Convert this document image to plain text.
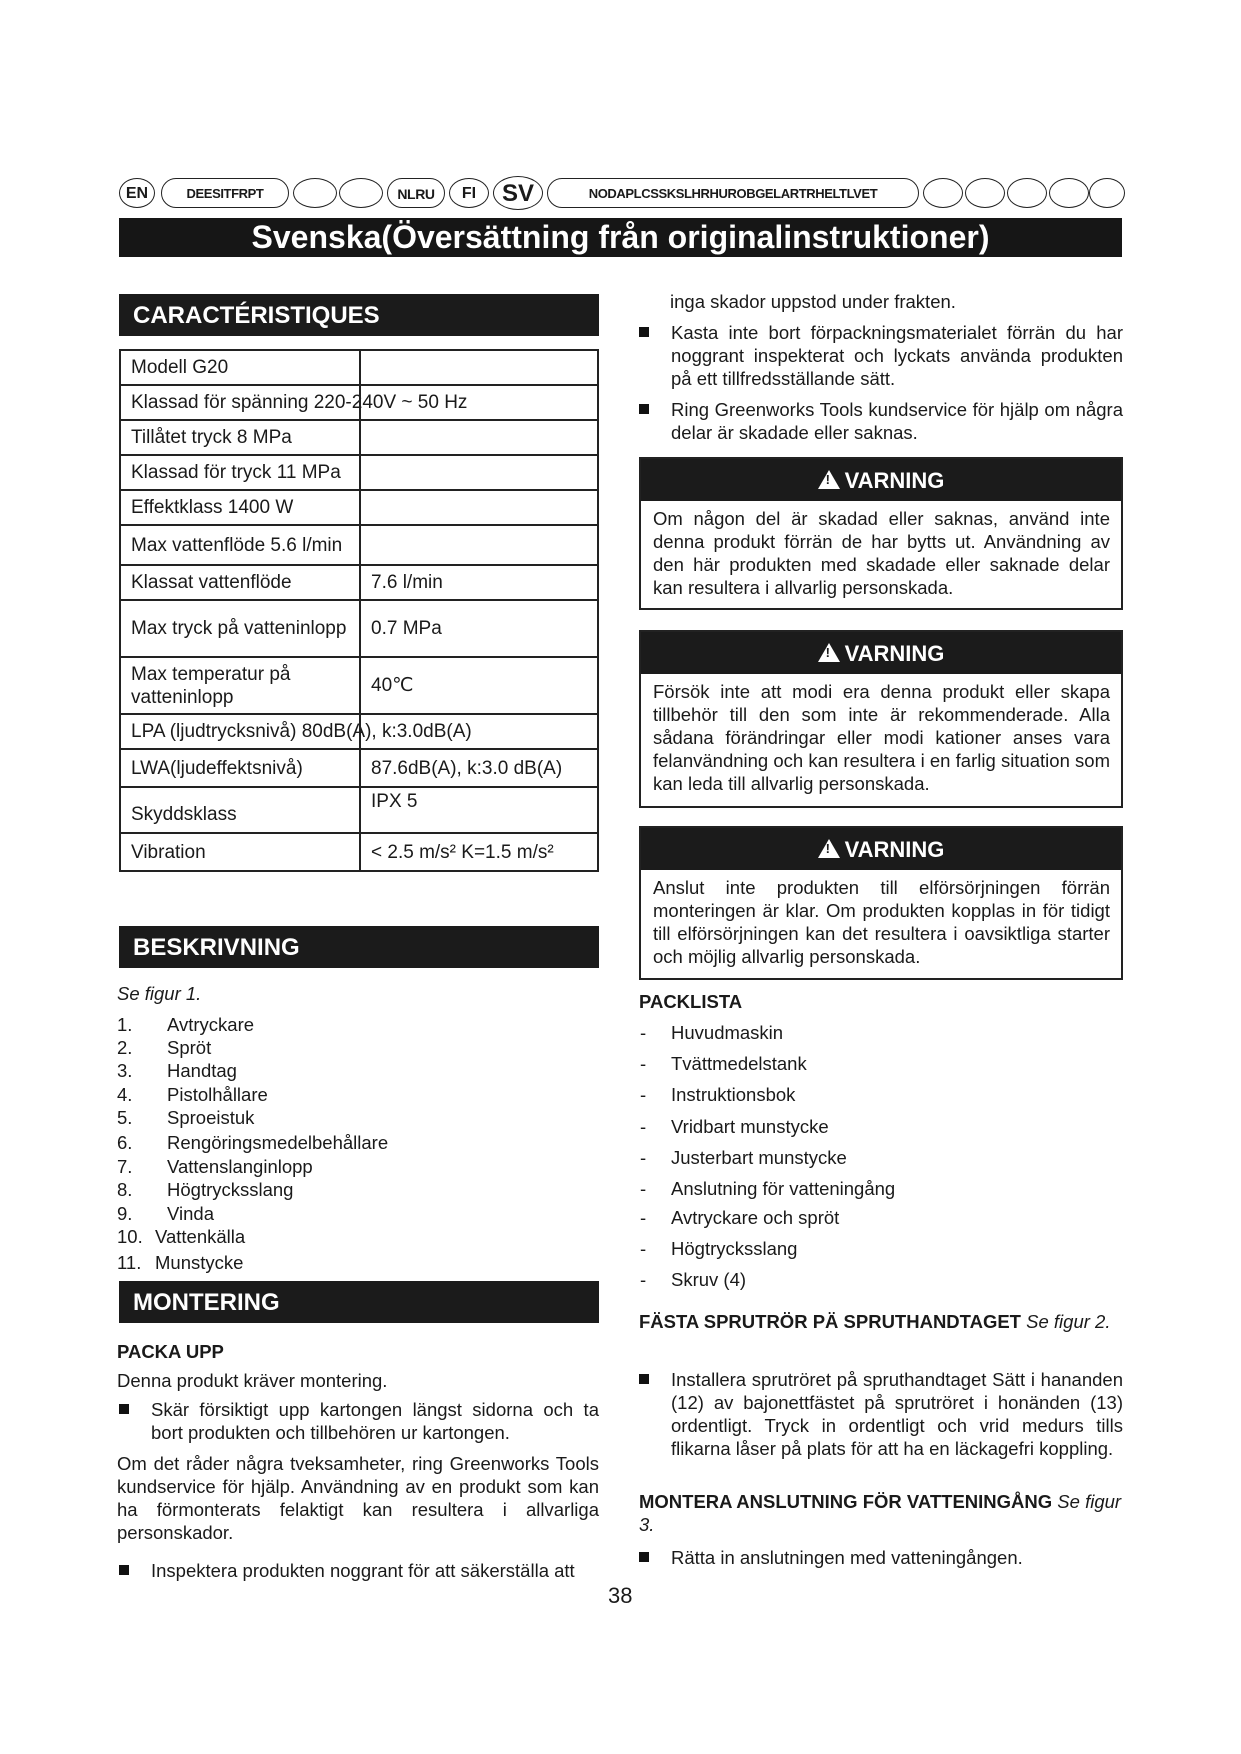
EN	DEESITFRPT	NLRU	FI	SV	NODAPLCSSKSLHRHUROBGELARTRHELTLVET
Svenska(Översättning från originalinstruktioner)
CARACTÉRISTIQUES
Modell G20	
Klassad för spänning 220-240V ~ 50 Hz	

Tillåtet tryck 8 MPa	
Klassad för tryck 11 MPa	
Effektklass 1400 W	
Max vattenflöde 5.6 l/min	
Klassat vattenflöde	7.6 l/min
Max tryck på vatteninlopp	0.7 MPa
Max temperatur på vatteninlopp	40℃
LPA (ljudtrycksnivå) 80dB(A), k:3.0dB(A)	

LWA(ljudeffektsnivå)	87.6dB(A), k:3.0 dB(A)
Skyddsklass	IPX 5
Vibration	< 2.5 m/s² K=1.5 m/s²
BESKRIVNING
Se figur 1.
1. Avtryckare
2. Spröt
3. Handtag
4. Pistolhållare
5. Sproeistuk
6. Rengöringsmedelbehållare
7. Vattenslanginlopp
8. Högtrycksslang
9. Vinda
10. Vattenkälla
11. Munstycke
MONTERING
PACKA UPP
Denna produkt kräver montering.
Skär försiktigt upp kartongen längst sidorna och ta bort produkten och tillbehören ur kartongen.
Om det råder några tveksamheter, ring Greenworks Tools kundservice för hjälp. Användning av en produkt som kan ha förmonterats felaktigt kan resultera i allvarliga personskador.
Inspektera produkten noggrant för att säkerställa att
inga skador uppstod under frakten.
Kasta inte bort förpackningsmaterialet förrän du har noggrant inspekterat och lyckats använda produkten på ett tillfredsställande sätt.
Ring Greenworks Tools kundservice för hjälp om några delar är skadade eller saknas.
!VARNING
Om någon del är skadad eller saknas, använd inte denna produkt förrän de har bytts ut. Användning av den här produkten med skadade eller saknade delar kan resultera i allvarlig personskada.
!VARNING
Försök inte att modi era denna produkt eller skapa tillbehör till den som inte är rekommenderade. Alla sådana förändringar eller modi kationer anses vara felanvändning och kan resultera i en farlig situation som kan leda till allvarlig personskada.
!VARNING
Anslut inte produkten till elförsörjningen förrän monteringen är klar. Om produkten kopplas in för tidigt till elförsörjningen kan det resultera i oavsiktliga starter och möjlig allvarlig personskada.
PACKLISTA
- Huvudmaskin
- Tvättmedelstank
- Instruktionsbok
- Vridbart munstycke
- Justerbart munstycke
- Anslutning för vatteningång
- Avtryckare och spröt
- Högtrycksslang
- Skruv (4)
FÄSTA SPRUTRÖR PÄ SPRUTHANDTAGET Se figur 2.
Installera sprutröret på spruthandtaget Sätt i hananden (12) av bajonettfästet på sprutröret i honänden (13) ordentligt. Tryck in ordentligt och vrid medurs tills flikarna låser på plats för att ha en läckagefri koppling.
MONTERA ANSLUTNING FÖR VATTENINGÅNG Se figur 3.
Rätta in anslutningen med vatteningången.
38
